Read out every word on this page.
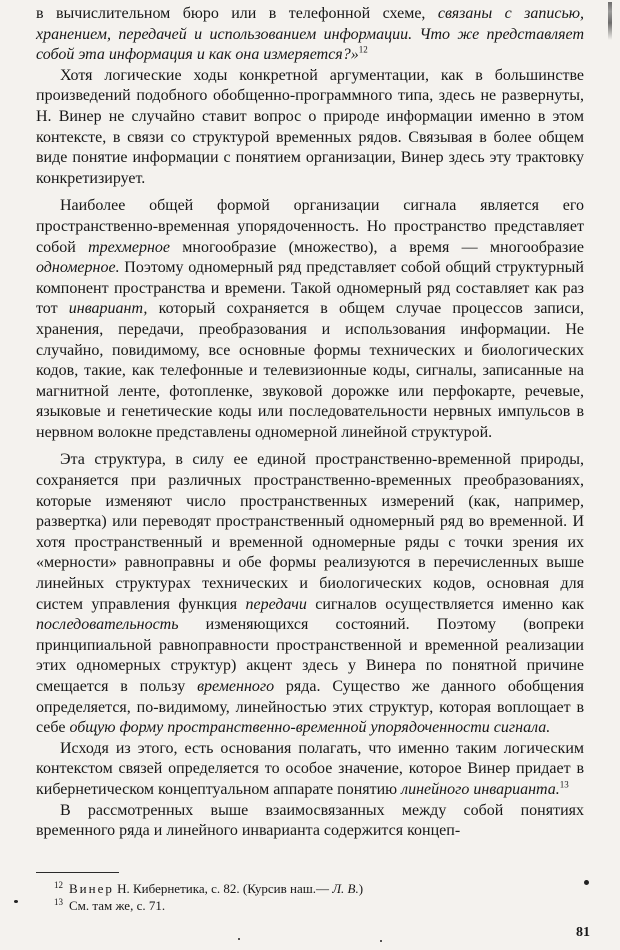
в вычислительном бюро или в телефонной схеме, связаны с записью, хранением, передачей и использованием информации. Что же представляет собой эта информация и как она измеряется?»$^{12}$

Хотя логические ходы конкретной аргументации, как в большинстве произведений подобного обобщенно-программного типа, здесь не развернуты, Н. Винер не случайно ставит вопрос о природе информации именно в этом контексте, в связи со структурой временных рядов. Связывая в более общем виде понятие информации с понятием организации, Винер здесь эту трактовку конкретизирует.

Наиболее общей формой организации сигнала является его пространственно-временная упорядоченность. Но пространство представляет собой трехмерное многообразие (множество), а время — многообразие одномерное. Поэтому одномерный ряд представляет собой общий структурный компонент пространства и времени. Такой одномерный ряд составляет как раз тот инвариант, который сохраняется в общем случае процессов записи, хранения, передачи, преобразования и использования информации. Не случайно, повидимому, все основные формы технических и биологических кодов, такие, как телефонные и телевизионные коды, сигналы, записанные на магнитной ленте, фотопленке, звуковой дорожке или перфокарте, речевые, языковые и генетические коды или последовательности нервных импульсов в нервном волокне представлены одномерной линейной структурой.

Эта структура, в силу ее единой пространственно-временной природы, сохраняется при различных пространственно-временных преобразованиях, которые изменяют число пространственных измерений (как, например, развертка) или переводят пространственный одномерный ряд во временной. И хотя пространственный и временной одномерные ряды с точки зрения их «мерности» равноправны и обе формы реализуются в перечисленных выше линейных структурах технических и биологических кодов, основная для систем управления функция передачи сигналов осуществляется именно как последовательность изменяющихся состояний. Поэтому (вопреки принципиальной равноправности пространственной и временной реализации этих одномерных структур) акцент здесь у Винера по понятной причине смещается в пользу временного ряда. Существо же данного обобщения определяется, по-видимому, линейностью этих структур, которая воплощает в себе общую форму пространственно-временной упорядоченности сигнала.

Исходя из этого, есть основания полагать, что именно таким логическим контекстом связей определяется то особое значение, которое Винер придает в кибернетическом концептуальном аппарате понятию линейного инварианта.$^{13}$

В рассмотренных выше взаимосвязанных между собой понятиях временного ряда и линейного инварианта содержится концеп-

$^{12}$ Винер Н. Кибернетика, с. 82. (Курсив наш.— Л. В.)

$^{13}$ См. там же, с. 71.

81
